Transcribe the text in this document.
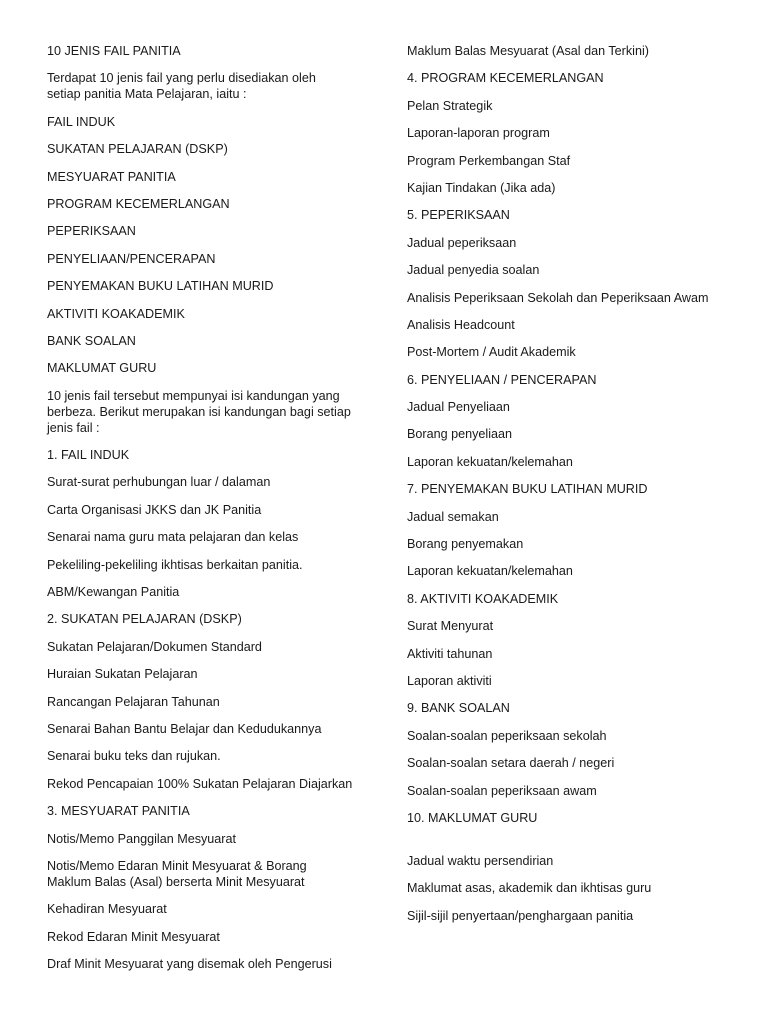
10 JENIS FAIL PANITIA

Terdapat 10 jenis fail yang perlu disediakan oleh
setiap panitia Mata Pelajaran, iaitu :

FAIL INDUK

SUKATAN PELAJARAN (DSKP)

MESYUARAT PANITIA

PROGRAM KECEMERLANGAN

PEPERIKSAAN

PENYELIAAN/PENCERAPAN

PENYEMAKAN BUKU LATIHAN MURID

AKTIVITI KOAKADEMIK

BANK SOALAN

MAKLUMAT GURU

10 jenis fail tersebut mempunyai isi kandungan yang
berbeza. Berikut merupakan isi kandungan bagi setiap
jenis fail :

1. FAIL INDUK

Surat-surat perhubungan luar / dalaman

Carta Organisasi JKKS dan JK Panitia

Senarai nama guru mata pelajaran dan kelas

Pekeliling-pekeliling ikhtisas berkaitan panitia.

ABM/Kewangan Panitia

2. SUKATAN PELAJARAN (DSKP)

Sukatan Pelajaran/Dokumen Standard

Huraian Sukatan Pelajaran

Rancangan Pelajaran Tahunan

Senarai Bahan Bantu Belajar dan Kedudukannya

Senarai buku teks dan rujukan.

Rekod Pencapaian 100% Sukatan Pelajaran Diajarkan

3. MESYUARAT PANITIA

Notis/Memo Panggilan Mesyuarat

Notis/Memo Edaran Minit Mesyuarat & Borang
Maklum Balas (Asal) berserta Minit Mesyuarat

Kehadiran Mesyuarat

Rekod Edaran Minit Mesyuarat

Draf Minit Mesyuarat yang disemak oleh Pengerusi

Maklum Balas Mesyuarat (Asal dan Terkini)

4. PROGRAM KECEMERLANGAN

Pelan Strategik

Laporan-laporan program

Program Perkembangan Staf

Kajian Tindakan (Jika ada)

5. PEPERIKSAAN

Jadual peperiksaan

Jadual penyedia soalan

Analisis Peperiksaan Sekolah dan Peperiksaan Awam

Analisis Headcount

Post-Mortem / Audit Akademik

6. PENYELIAAN / PENCERAPAN

Jadual Penyeliaan

Borang penyeliaan

Laporan kekuatan/kelemahan

7. PENYEMAKAN BUKU LATIHAN MURID

Jadual semakan

Borang penyemakan

Laporan kekuatan/kelemahan

8. AKTIVITI KOAKADEMIK

Surat Menyurat

Aktiviti tahunan

Laporan aktiviti

9. BANK SOALAN

Soalan-soalan peperiksaan sekolah

Soalan-soalan setara daerah / negeri

Soalan-soalan peperiksaan awam

10. MAKLUMAT GURU

Jadual waktu persendirian

Maklumat asas, akademik dan ikhtisas guru

Sijil-sijil penyertaan/penghargaan panitia
